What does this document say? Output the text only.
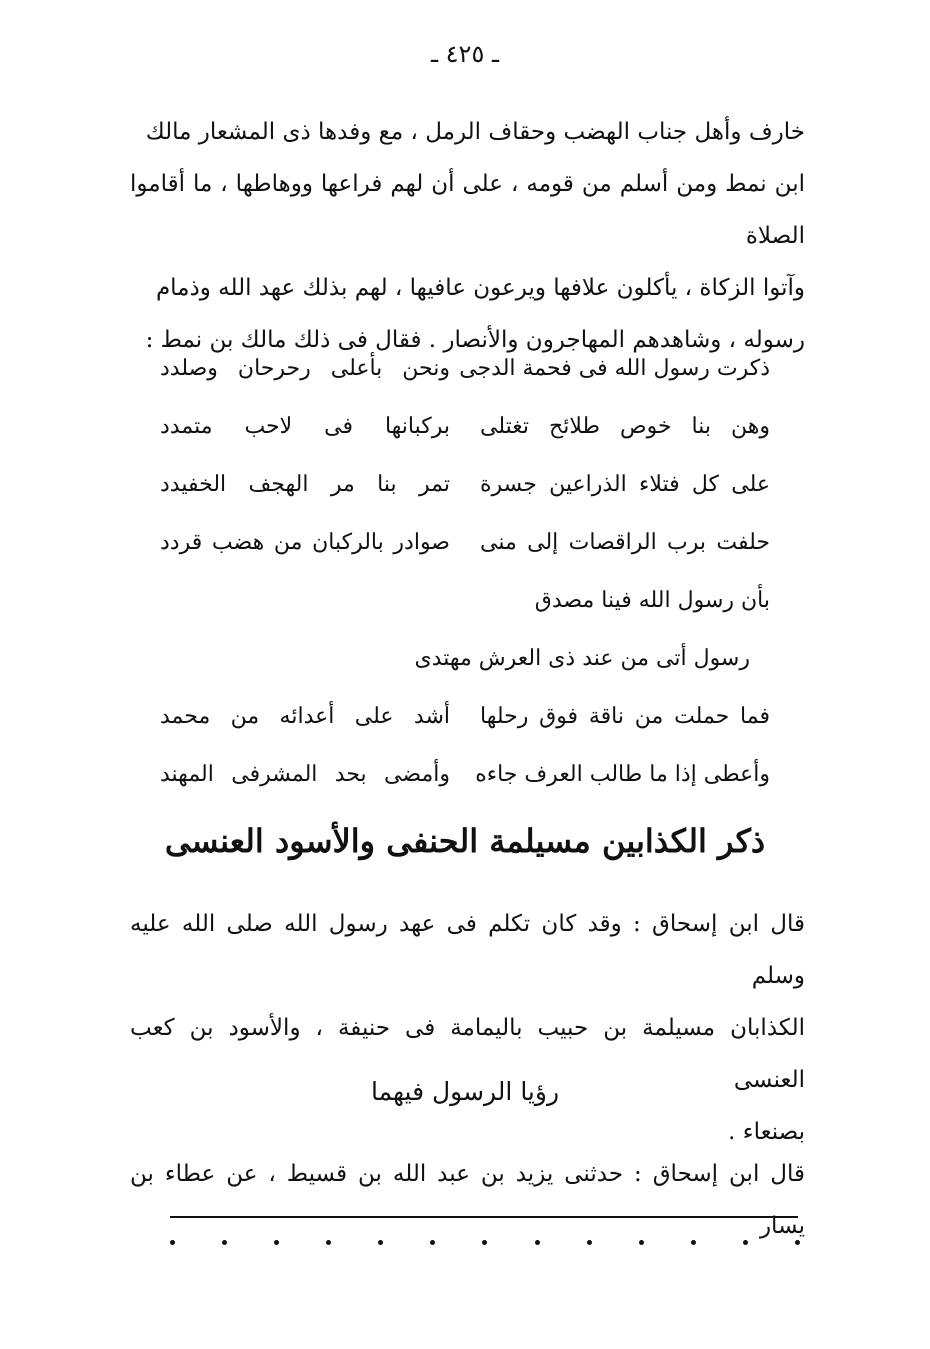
ـ ٤٢٥ ـ
خارف وأهل جناب الهضب وحقاف الرمل ، مع وفدها ذى المشعار مالك
ابن نمط ومن أسلم من قومه ، على أن لهم فراعها ووهاطها ، ما أقاموا الصلاة
وآتوا الزكاة ، يأكلون علافها ويرعون عافيها ، لهم بذلك عهد الله وذمام
رسوله ، وشاهدهم المهاجرون والأنصار . فقال فى ذلك مالك بن نمط :
ذكرت رسول الله فى فحمة الدجى
ونحن بأعلى رحرحان وصلدد
وهن بنا خوص طلائح تغتلى
بركبانها فى لاحب متمدد
على كل فتلاء الذراعين جسرة
تمر بنا مر الهجف الخفيدد
حلفت برب الراقصات إلى منى
صوادر بالركبان من هضب قردد
بأن رسول الله فينا مصدق
رسول أتى من عند ذى العرش مهتدى
فما حملت من ناقة فوق رحلها
أشد على أعدائه من محمد
وأعطى إذا ما طالب العرف جاءه
وأمضى بحد المشرفى المهند
ذكر الكذابين مسيلمة الحنفى والأسود العنسى
قال ابن إسحاق : وقد كان تكلم فى عهد رسول الله صلى الله عليه وسلم
الكذابان مسيلمة بن حبيب باليمامة فى حنيفة ، والأسود بن كعب العنسى
بصنعاء .
رؤيا الرسول فيهما
قال ابن إسحاق : حدثنى يزيد بن عبد الله بن قسيط ، عن عطاء بن يسار
